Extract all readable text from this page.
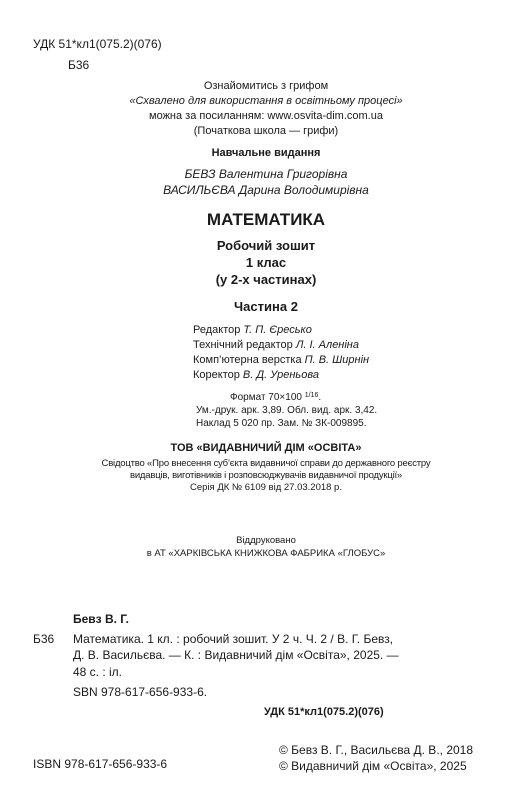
УДК 51*кл1(075.2)(076)
Б36
Ознайомитись з грифом
«Схвалено для використання в освітньому процесі»
можна за посиланням: www.osvita-dim.com.ua
(Початкова школа — грифи)
Навчальне видання
БЕВЗ Валентина Григорівна
ВАСИЛЬЄВА Дарина Володимирівна
МАТЕМАТИКА
Робочий зошит
1 клас
(у 2-х частинах)
Частина 2
Редактор Т. П. Єресько
Технічний редактор Л. І. Аленіна
Комп’ютерна верстка П. В. Ширнін
Коректор В. Д. Уреньова
Формат 70×100 $^{1/16}$.
Ум.-друк. арк. 3,89. Обл. вид. арк. 3,42.
Наклад 5 020 пр. Зам. № ЗК-009895.
ТОВ «ВИДАВНИЧИЙ ДІМ «ОСВІТА»
Свідоцтво «Про внесення суб’єкта видавничої справи до державного реєстру
видавців, виготівників і розповсюджувачів видавничої продукції»
Серія ДК № 6109 від 27.03.2018 р.
Віддруковано
в АТ «ХАРКІВСЬКА КНИЖКОВА ФАБРИКА «ГЛОБУС»
Бевз В. Г.
Б36 Математика. 1 кл. : робочий зошит. У 2 ч. Ч. 2 / В. Г. Бевз,
Д. В. Васильєва. — К. : Видавничий дім «Освіта», 2025. —
48 с. : іл.
SBN 978-617-656-933-6.
УДК 51*кл1(075.2)(076)
ISBN 978-617-656-933-6
© Бевз В. Г., Васильєва Д. В., 2018
© Видавничий дім «Освіта», 2025
